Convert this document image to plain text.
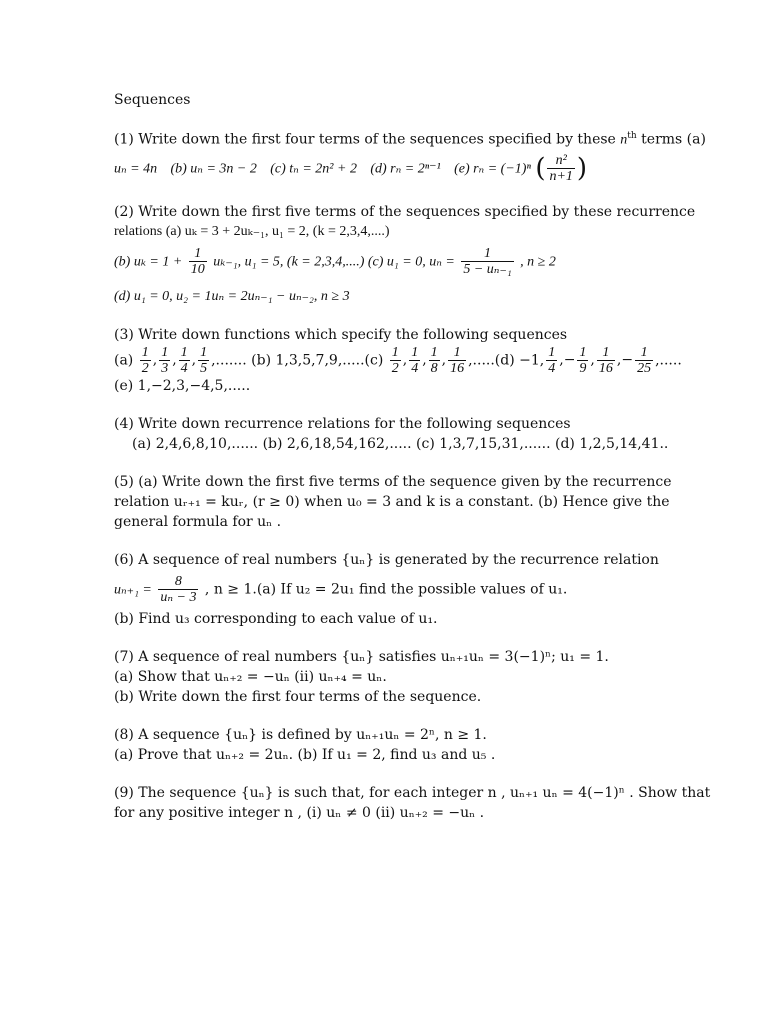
Sequences
(1) Write down the first four terms of the sequences specified by these $n^{th}$ terms (a)
uₙ = 4n (b) uₙ = 3n − 2 (c) tₙ = 2n² + 2 (d) rₙ = 2ⁿ⁻¹ (e) rₙ = (−1)ⁿ ( $\frac{\text{n²}}{n+1}$ )
(2) Write down the first five terms of the sequences specified by these recurrence
relations (a) uₖ = 3 + 2uₖ₋₁, u₁ = 2, (k = 2,3,4,....)
(b) $u_k = 1 + \frac{1}{10} u_{k-1}$, u₁ = 5, (k = 2,3,4,....) (c) u₁ = 0, $u_n = \frac{1}{\text{5 − uₙ₋₁}}$ , n ≥ 2
(d) u₁ = 0, u₂ = 1uₙ = 2uₙ₋₁ − uₙ₋₂, n ≥ 3
(3) Write down functions which specify the following sequences
$(a) \frac{1}{2}$ , $\frac{1}{3}$ , $\frac{1}{4}$ , $\frac{1}{5}$ ,....... (b) $1,3,5,7,9,.....(c) \frac{1}{2}$ , $\frac{1}{4}$ , $\frac{1}{8}$ , $\frac{1}{16} ,.....(d) -1$, $\frac{1}{4}$ ,− $\frac{1}{9}$ , $\frac{1}{16}$ ,− $\frac{1}{25}$ ,.....
(e) 1,−2,3,−4,5,.....
(4) Write down recurrence relations for the following sequences
(a) 2,4,6,8,10,...... (b) 2,6,18,54,162,..... (c) 1,3,7,15,31,...... (d) 1,2,5,14,41..
(5) (a) Write down the first five terms of the sequence given by the recurrence
relation uᵣ₊₁ = kuᵣ, (r ≥ 0) when u₀ = 3 and k is a constant. (b) Hence give the
general formula for uₙ .
(6) A sequence of real numbers {uₙ} is generated by the recurrence relation
$u_{n+1} = \frac{8}{\text{uₙ − 3}}$ , n ≥ 1.(a) If u₂ = 2u₁ find the possible values of u₁.
(b) Find u₃ corresponding to each value of u₁.
(7) A sequence of real numbers {uₙ} satisfies uₙ₊₁uₙ = 3(−1)ⁿ; u₁ = 1.
(a) Show that uₙ₊₂ = −uₙ (ii) uₙ₊₄ = uₙ.
(b) Write down the first four terms of the sequence.
(8) A sequence {uₙ} is defined by uₙ₊₁uₙ = 2ⁿ, n ≥ 1.
(a) Prove that uₙ₊₂ = 2uₙ. (b) If u₁ = 2, find u₃ and u₅ .
(9) The sequence {uₙ} is such that, for each integer n , uₙ₊₁ uₙ = 4(−1)ⁿ . Show that
for any positive integer n , (i) uₙ ≠ 0 (ii) uₙ₊₂ = −uₙ .
